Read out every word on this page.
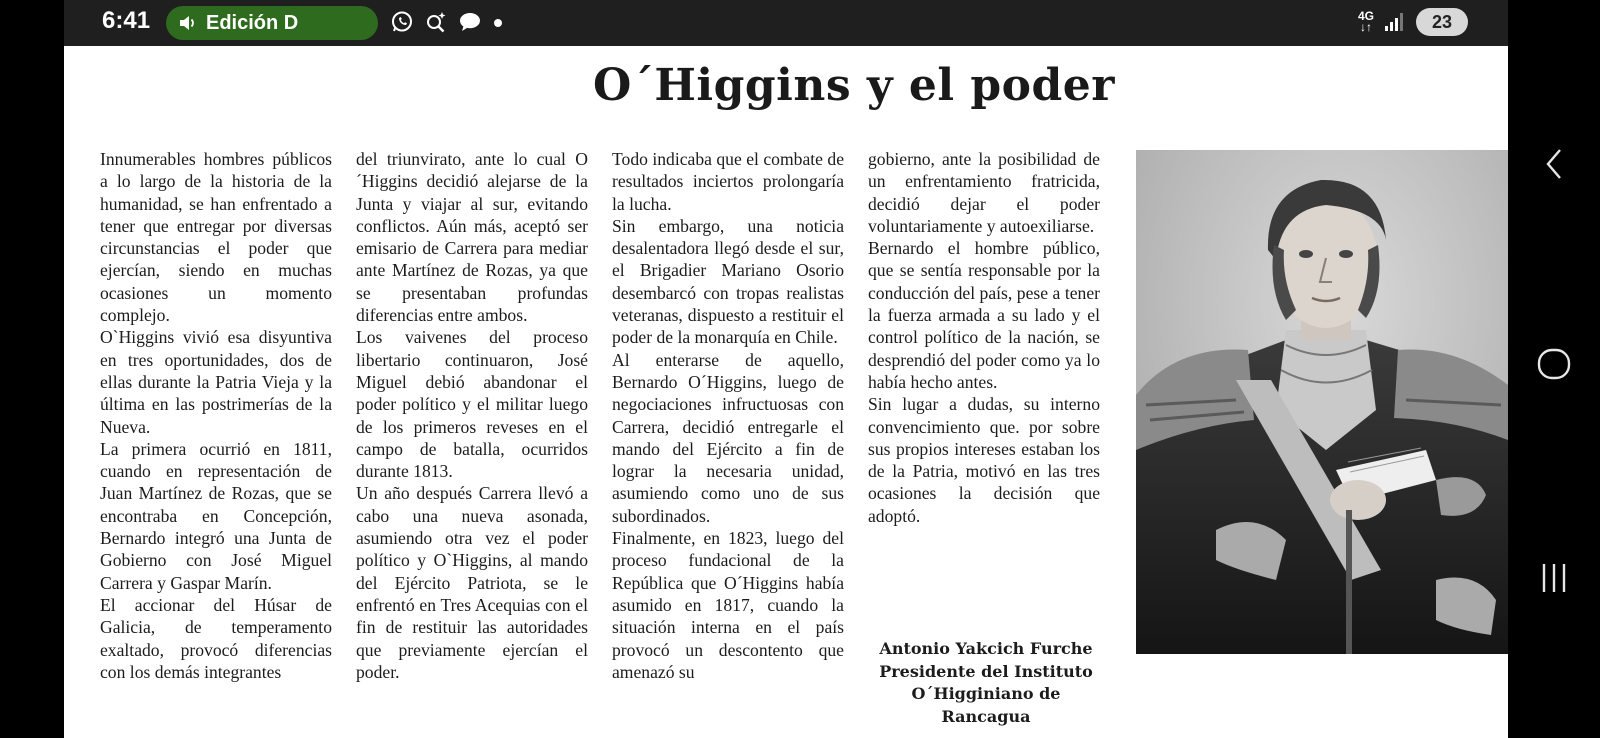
6:41	Edición D	4G
↓↑	23
O´Higgins y el poder

Innumerables hombres públicos a lo largo de la historia de la humanidad, se han enfrentado a tener que entregar por diversas circunstancias el poder que ejercían, siendo en muchas ocasiones un momento complejo.

O`Higgins vivió esa disyuntiva en tres oportunidades, dos de ellas durante la Patria Vieja y la última en las postrimerías de la Nueva.

La primera ocurrió en 1811, cuando en representación de Juan Martínez de Rozas, que se encontraba en Concepción, Bernardo integró una Junta de Gobierno con José Miguel Carrera y Gaspar Marín.

El accionar del Húsar de Galicia, de temperamento exaltado, provocó diferencias con los demás integrantes

del triunvirato, ante lo cual O´Higgins decidió alejarse de la Junta y viajar al sur, evitando conflictos. Aún más, aceptó ser emisario de Carrera para mediar ante Martínez de Rozas, ya que se presentaban profundas diferencias entre ambos.

Los vaivenes del proceso libertario continuaron, José Miguel debió abandonar el poder político y el militar luego de los primeros reveses en el campo de batalla, ocurridos durante 1813.

Un año después Carrera llevó a cabo una nueva asonada, asumiendo otra vez el poder político y O`Higgins, al mando del Ejército Patriota, se le enfrentó en Tres Acequias con el fin de restituir las autoridades que previamente ejercían el poder.

Todo indicaba que el combate de resultados inciertos prolongaría la lucha.

Sin embargo, una noticia desalentadora llegó desde el sur, el Brigadier Mariano Osorio desembarcó con tropas realistas veteranas, dispuesto a restituir el poder de la monarquía en Chile.

Al enterarse de aquello, Bernardo O´Higgins, luego de negociaciones infructuosas con Carrera, decidió entregarle el mando del Ejército a fin de lograr la necesaria unidad, asumiendo como uno de sus subordinados.

Finalmente, en 1823, luego del proceso fundacional de la República que O´Higgins había asumido en 1817, cuando la situación interna en el país provocó un descontento que amenazó su

gobierno, ante la posibilidad de un enfrentamiento fratricida, decidió dejar el poder voluntariamente y autoexiliarse.

Bernardo el hombre público, que se sentía responsable por la conducción del país, pese a tener la fuerza armada a su lado y el control político de la nación, se desprendió del poder como ya lo había hecho antes.

Sin lugar a dudas, su interno convencimiento que. por sobre sus propios intereses estaban los de la Patria, motivó en las tres ocasiones la decisión que adoptó.

Antonio Yakcich Furche
Presidente del Instituto
O´Higginiano de
Rancagua
